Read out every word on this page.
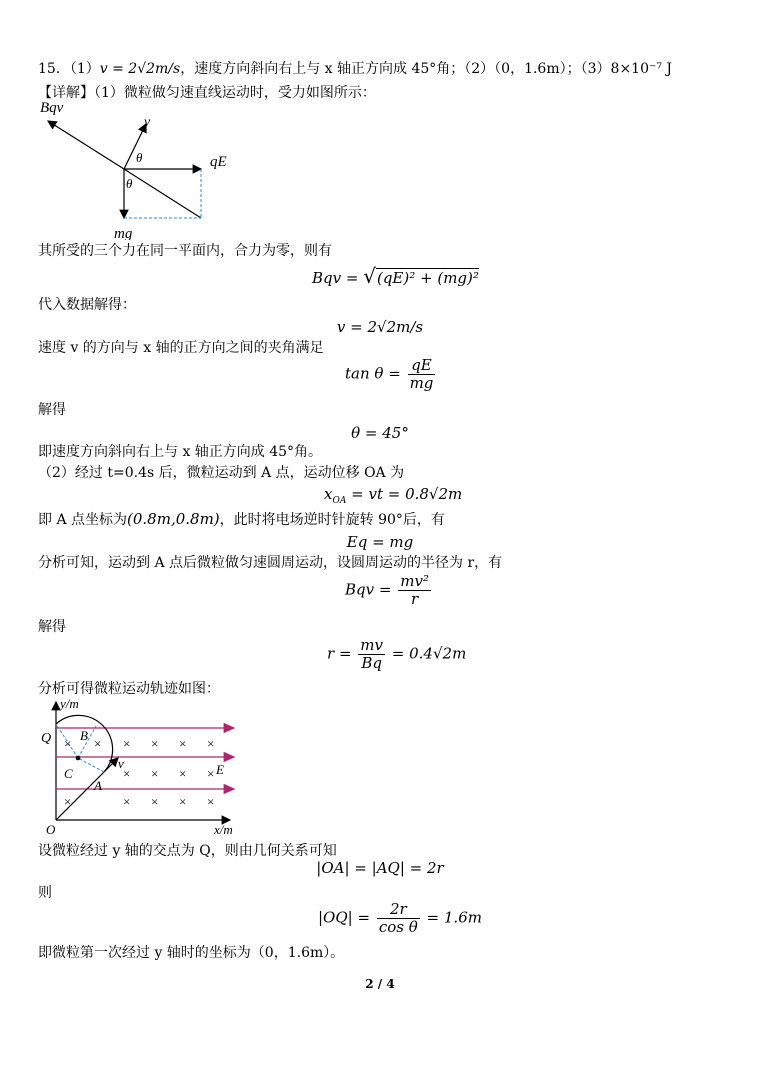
15．（1）v = 2√2m/s，速度方向斜向右上与 x 轴正方向成 45°角；（2）（0，1.6m）；（3）8×10⁻⁷ J
【详解】（1）微粒做匀速直线运动时，受力如图所示：
Bqv
v
θ
θ
qE
mg
其所受的三个力在同一平面内，合力为零，则有
Bqv = √(qE)² + (mg)²
代入数据解得：
v = 2√2m/s
速度 v 的方向与 x 轴的正方向之间的夹角满足
$\tan \theta = \frac{qE}{mg}$
解得
θ = 45°
即速度方向斜向右上与 x 轴正方向成 45°角。
（2）经过 t=0.4s 后，微粒运动到 A 点，运动位移 OA 为
$x_{OA}$ = vt = 0.8√2m
即 A 点坐标为(0.8m,0.8m)，此时将电场逆时针旋转 90°后，有
Eq = mg
分析可知，运动到 A 点后微粒做匀速圆周运动，设圆周运动的半径为 r，有
Bqv = $\frac{\text{mv²}}{r}$
解得
$r = \frac{mv}{Bq} = 0.4√2m$
分析可得微粒运动轨迹如图：
× × × × × ×
× × × ×
×	× × × ×
y/m
x/m
O
Q B
C
A
v	E
设微粒经过 y 轴的交点为 Q，则由几何关系可知
|OA| = |AQ| = 2r
则
$|OQ| = \frac{2r}{\text{cos θ}} = 1.6m$
即微粒第一次经过 y 轴时的坐标为（0，1.6m）。
2 / 4
